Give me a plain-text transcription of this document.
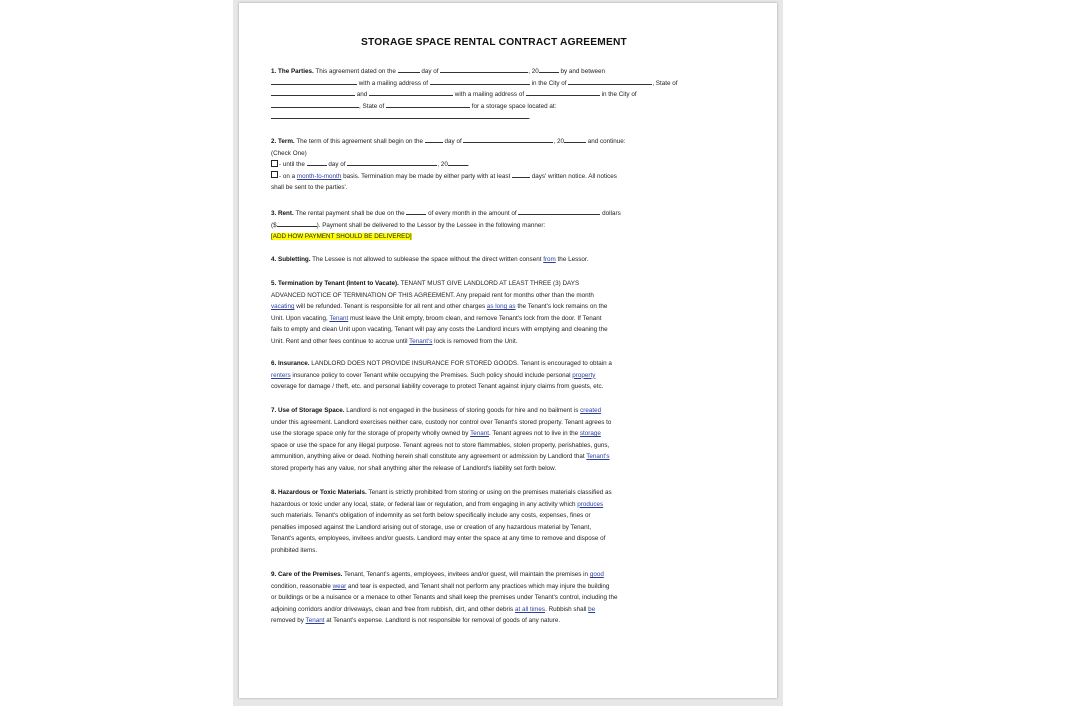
STORAGE SPACE RENTAL CONTRACT AGREEMENT
1. The Parties. This agreement dated on the	day of	, 20	by and between
with a mailing address of	in the City of	, State of
and	with a mailing address of	in the City of
, State of	for a storage space located at:
.
2. Term. The term of this agreement shall begin on the	day of	, 20	and continue:
(Check One)
- until the	day of	, 20	.
- on a month-to-month basis. Termination may be made by either party with at least	days' written notice. All notices
shall be sent to the parties'.
3. Rent. The rental payment shall be due on the	of every month in the amount of	dollars
($	). Payment shall be delivered to the Lessor by the Lessee in the following manner:
[ADD HOW PAYMENT SHOULD BE DELIVERED]
4. Subletting. The Lessee is not allowed to sublease the space without the direct written consent from the Lessor.
5. Termination by Tenant (Intent to Vacate). TENANT MUST GIVE LANDLORD AT LEAST THREE (3) DAYS
ADVANCED NOTICE OF TERMINATION OF THIS AGREEMENT. Any prepaid rent for months other than the month
vacating will be refunded. Tenant is responsible for all rent and other charges as long as the Tenant's lock remains on the
Unit. Upon vacating, Tenant must leave the Unit empty, broom clean, and remove Tenant's lock from the door. If Tenant
fails to empty and clean Unit upon vacating, Tenant will pay any costs the Landlord incurs with emptying and cleaning the
Unit. Rent and other fees continue to accrue until Tenant's lock is removed from the Unit.
6. Insurance. LANDLORD DOES NOT PROVIDE INSURANCE FOR STORED GOODS. Tenant is encouraged to obtain a
renters insurance policy to cover Tenant while occupying the Premises. Such policy should include personal property
coverage for damage / theft, etc. and personal liability coverage to protect Tenant against injury claims from guests, etc.
7. Use of Storage Space. Landlord is not engaged in the business of storing goods for hire and no bailment is created
under this agreement. Landlord exercises neither care, custody nor control over Tenant's stored property. Tenant agrees to
use the storage space only for the storage of property wholly owned by Tenant. Tenant agrees not to live in the storage
space or use the space for any illegal purpose. Tenant agrees not to store flammables, stolen property, perishables, guns,
ammunition, anything alive or dead. Nothing herein shall constitute any agreement or admission by Landlord that Tenant's
stored property has any value, nor shall anything alter the release of Landlord's liability set forth below.
8. Hazardous or Toxic Materials. Tenant is strictly prohibited from storing or using on the premises materials classified as
hazardous or toxic under any local, state, or federal law or regulation, and from engaging in any activity which produces
such materials. Tenant's obligation of indemnity as set forth below specifically include any costs, expenses, fines or
penalties imposed against the Landlord arising out of storage, use or creation of any hazardous material by Tenant,
Tenant's agents, employees, invitees and/or guests. Landlord may enter the space at any time to remove and dispose of
prohibited items.
9. Care of the Premises. Tenant, Tenant's agents, employees, invitees and/or guest, will maintain the premises in good
condition, reasonable wear and tear is expected, and Tenant shall not perform any practices which may injure the building
or buildings or be a nuisance or a menace to other Tenants and shall keep the premises under Tenant's control, including the
adjoining corridors and/or driveways, clean and free from rubbish, dirt, and other debris at all times. Rubbish shall be
removed by Tenant at Tenant's expense. Landlord is not responsible for removal of goods of any nature.
